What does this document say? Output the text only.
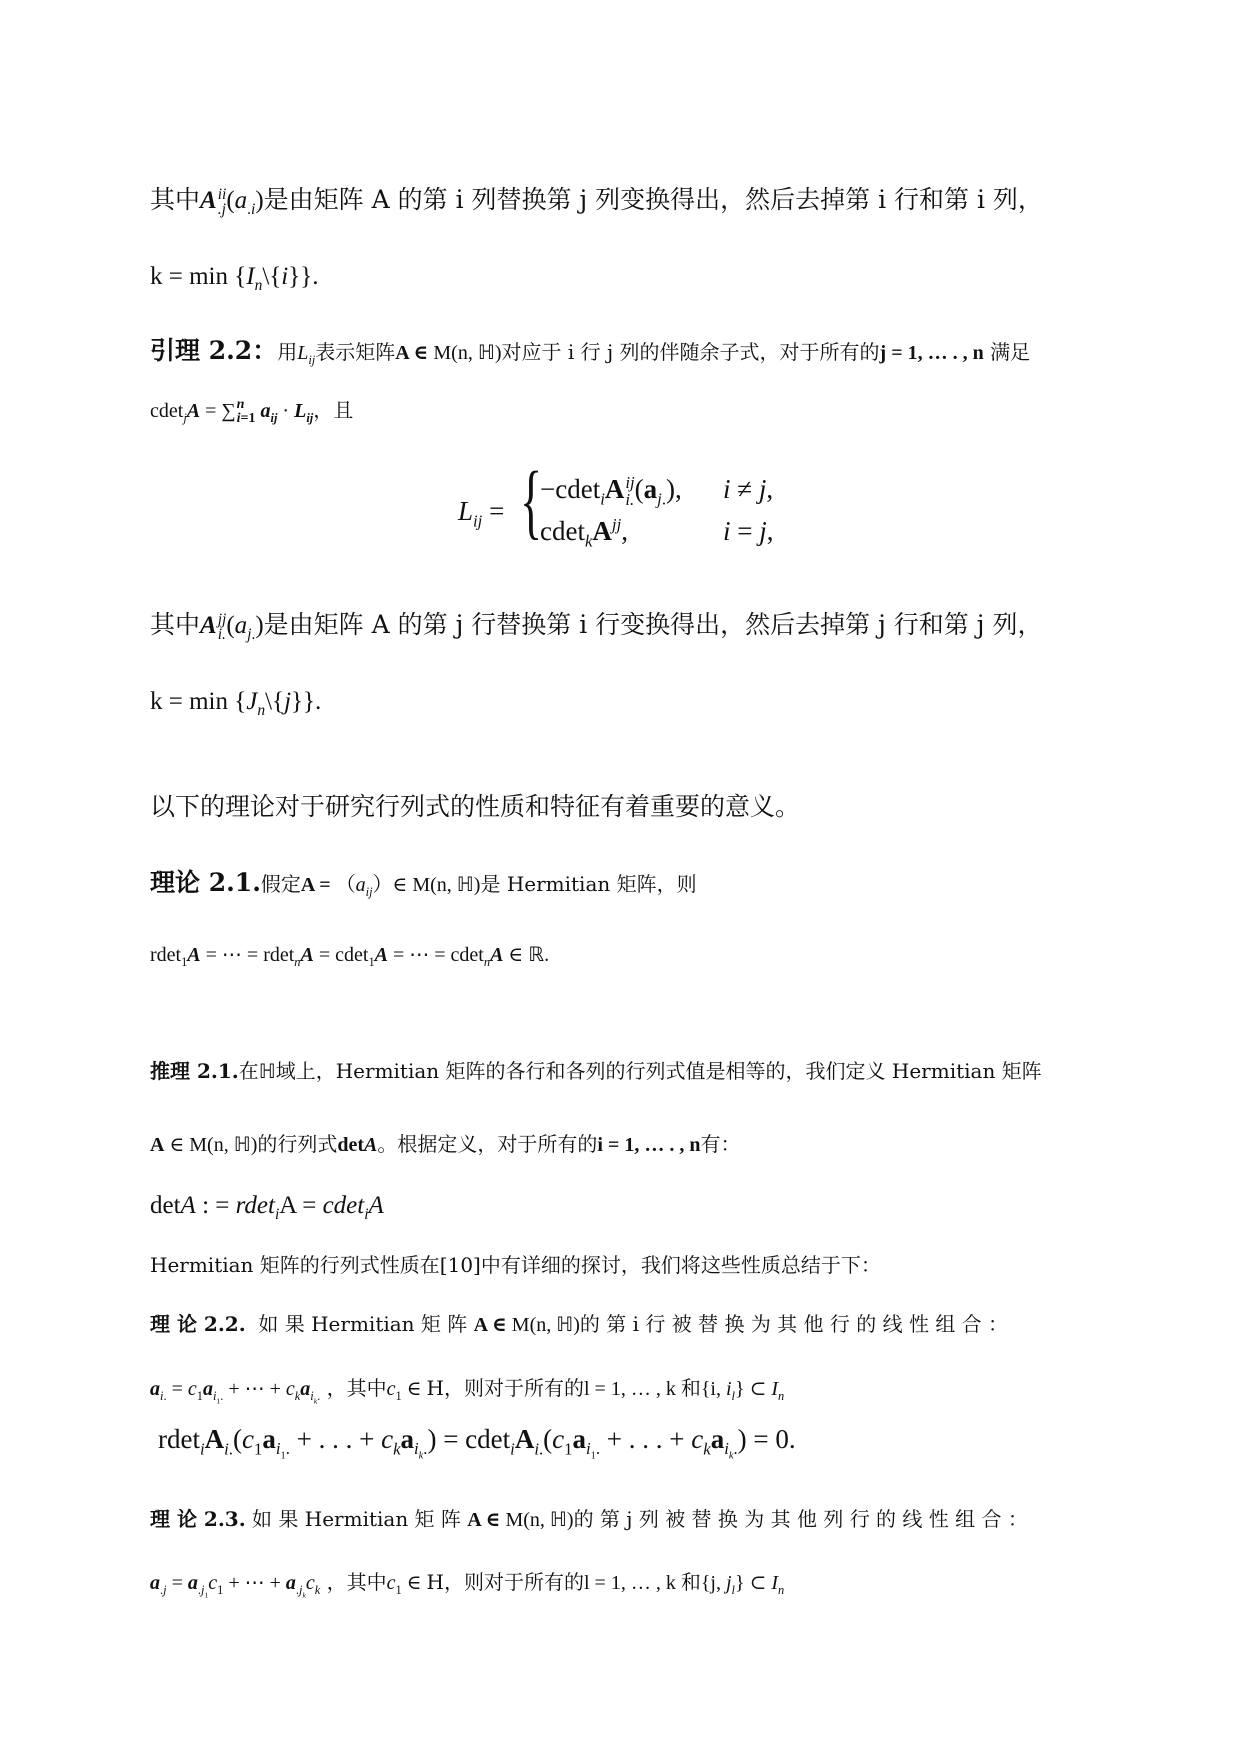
其中A ii
.j $(a_{.i})$是由矩阵 A 的第 i 列替换第 j 列变换得出，然后去掉第 i 行和第 i 列，
$k = \min \{I_n\backslash\{i\}\}$.
引理 2.2：用$L_{ij}$表示矩阵A ∈ M(n, ℍ)对应于 i 行 j 列的伴随余子式，对于所有的j = 1, … . , n 满足
cdet$_j$A = ∑ n
i=1 $a_{ij} \cdot L_{ij}$，且
$L_{ij}$ = {
−cdet$_i$A ij
i. $(a_{j.})$, i ≠ j,
$cdet_kA^{jj}$,	i = j,
其中A jj
i. $(a_{j.})$是由矩阵 A 的第 j 行替换第 i 行变换得出，然后去掉第 j 行和第 j 列，
$k = \min \{J_n\backslash\{j\}\}$.
以下的理论对于研究行列式的性质和特征有着重要的意义。
理论 2.1.假定$A = (a_{ij})\in$ M(n, ℍ)是 Hermitian 矩阵，则
rdet$_1$A = ⋯ = rdet$_n$A = cdet$_1$A = ⋯ = cdet$_n$A ∈ ℝ.
推理 2.1.在ℍ域上，Hermitian 矩阵的各行和各列的行列式值是相等的，我们定义 Hermitian 矩阵
A ∈ M(n, ℍ)的行列式detA。根据定义，对于所有的i = 1, … . , n有：
detA : = rdet$_i$A = cdet$_i$A
Hermitian 矩阵的行列式性质在[10]中有详细的探讨，我们将这些性质总结于下：
理 论 2.2. 如 果 Hermitian 矩 阵 A ∈ M(n, ℍ)的 第 i 行 被 替 换 为 其 他 行 的 线 性 组 合 ：
$a_{i.} = c_1a_{i_1.}$ + ⋯ + $c_ka_{i_k.}$ ，其中$c_1$ ∈ H，则对于所有的l = 1, … , k 和{i, $i_l$} ⊂ $I_n$
$rdet_iA_{i.}(c_1a_{i_1.}$ + . . . + $c_ka_{i_k.}) = cdet_iA_{i.}(c_1a_{i_1.}$ + . . . + $c_ka_{i_k.}) = 0$.
理 论 2.3. 如 果 Hermitian 矩 阵 A ∈ M(n, ℍ)的 第 j 列 被 替 换 为 其 他 列 行 的 线 性 组 合 ：
$a_{.j} = a_{.j_1}c_1$ + ⋯ + $a_{.j_k}c_k$ ，其中$c_1$ ∈ H，则对于所有的l = 1, … , k 和{j, $j_l$} ⊂ $I_n$
